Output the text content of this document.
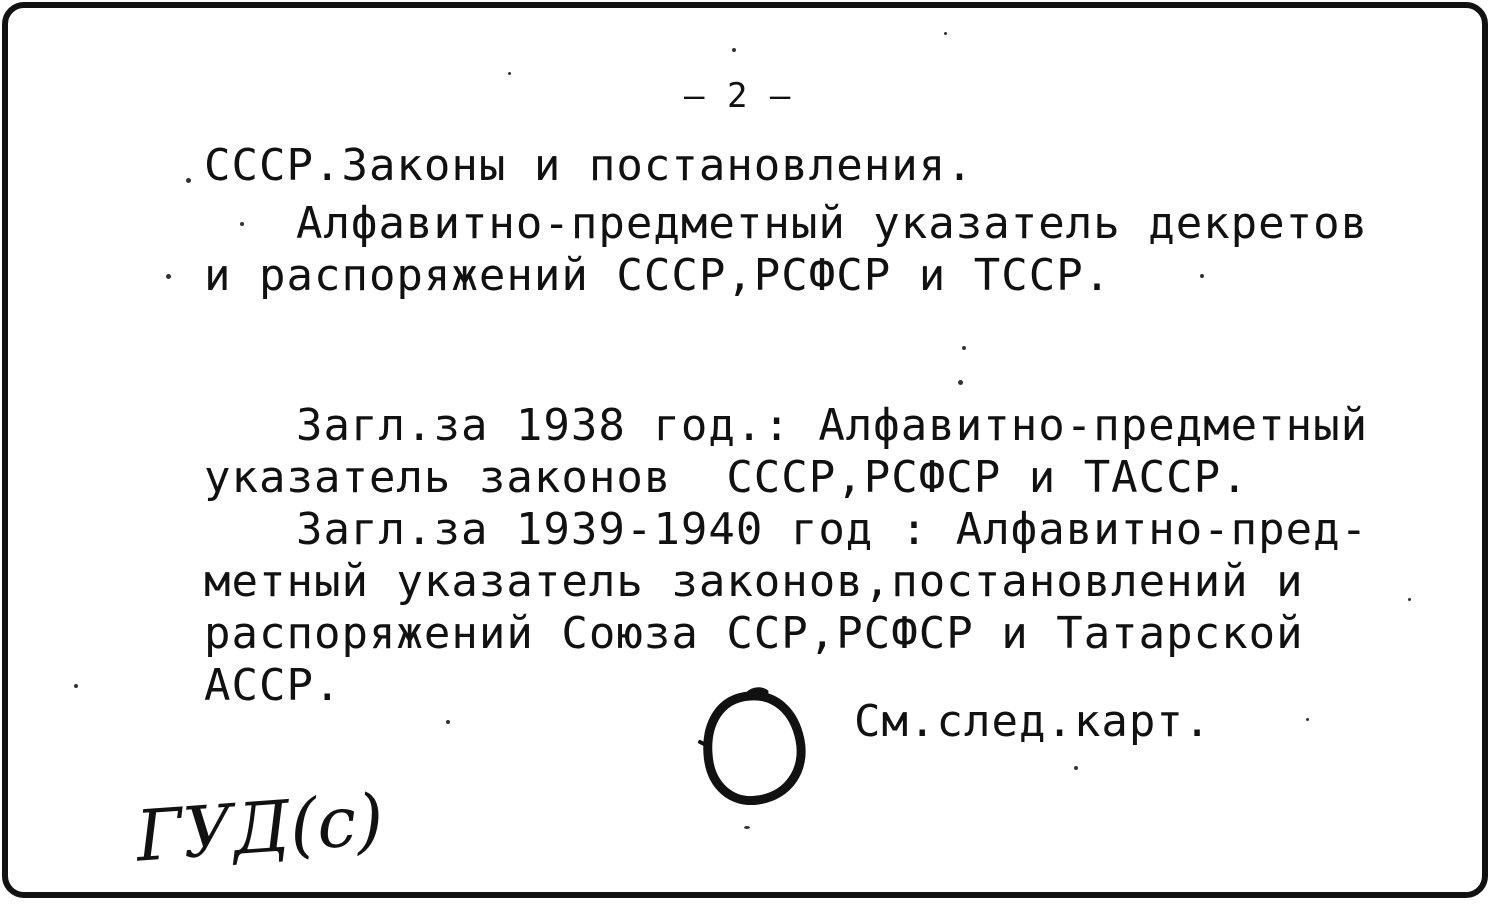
— 2 —
СССР.Законы и постановления.
Алфавитно-предметный указатель декретов
и распоряжений СССР,РСФСР и ТССР.
Загл.за 1938 год.: Алфавитно-предметный
указатель законов  СССР,РСФСР и ТАССР.
Загл.за 1939-1940 год : Алфавитно-пред-
метный указатель законов,постановлений и
распоряжений Союза ССР,РСФСР и Татарской
АССР.
См.след.карт.
ГУД(с)
